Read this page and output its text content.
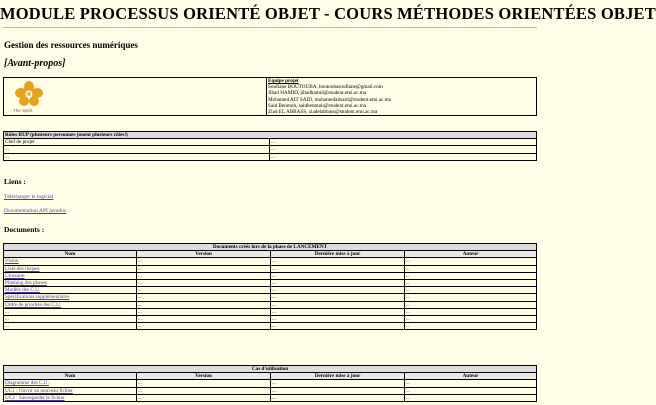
MODULE PROCESSUS ORIENTÉ OBJET - COURS MÉTHODES ORIENTÉES OBJET
Gestion des ressources numériques
[Avant-propos]
The Spirit

Equipe projet
Soufiane BOUTOUBA, boutoubasoufiane@gmail.com
Jihad HAMID, jihadhamid@student.emi.ac.ma
Mohamed AIT SAID, mohamedaitsaid@student.emi.ac.ma
Said Benmoh, saidbenmoh@student.emi.ac.ma
Ziad EL ABBASS, ziadelabbass@student.emi.ac.ma
Rôles RUP (plusieurs personnes jouent plusieurs rôles!)	
Chef de projet	...
...	...
...	...
Liens :
Télécharger le logiciel
Documentation API javadoc
Documents :
Documents créés lors de la phase de LANCEMENT			
Nom	Version	Dernière mise à jour	Auteur
Vision	...	...	...
Liste des risques	...	...	...
Glossaire	...	...	...
Planning des phases	...	...	...
Modèle des C.U.	...	...	...
Spécifications supplémentaires	...	...	...
Ordre de priorités des C.U.	...	...	...
...	...	...	...
...	...	...	...
...	...	...	...
Cas d'utilisation			
Nom	Version	Dernière mise à jour	Auteur
Diagramme des C.U.	...	...	...
UC1 : Ouvrir un nouveau fichier	...	...	...
UC2 : Sauvegarder le fichier	...	...	...
